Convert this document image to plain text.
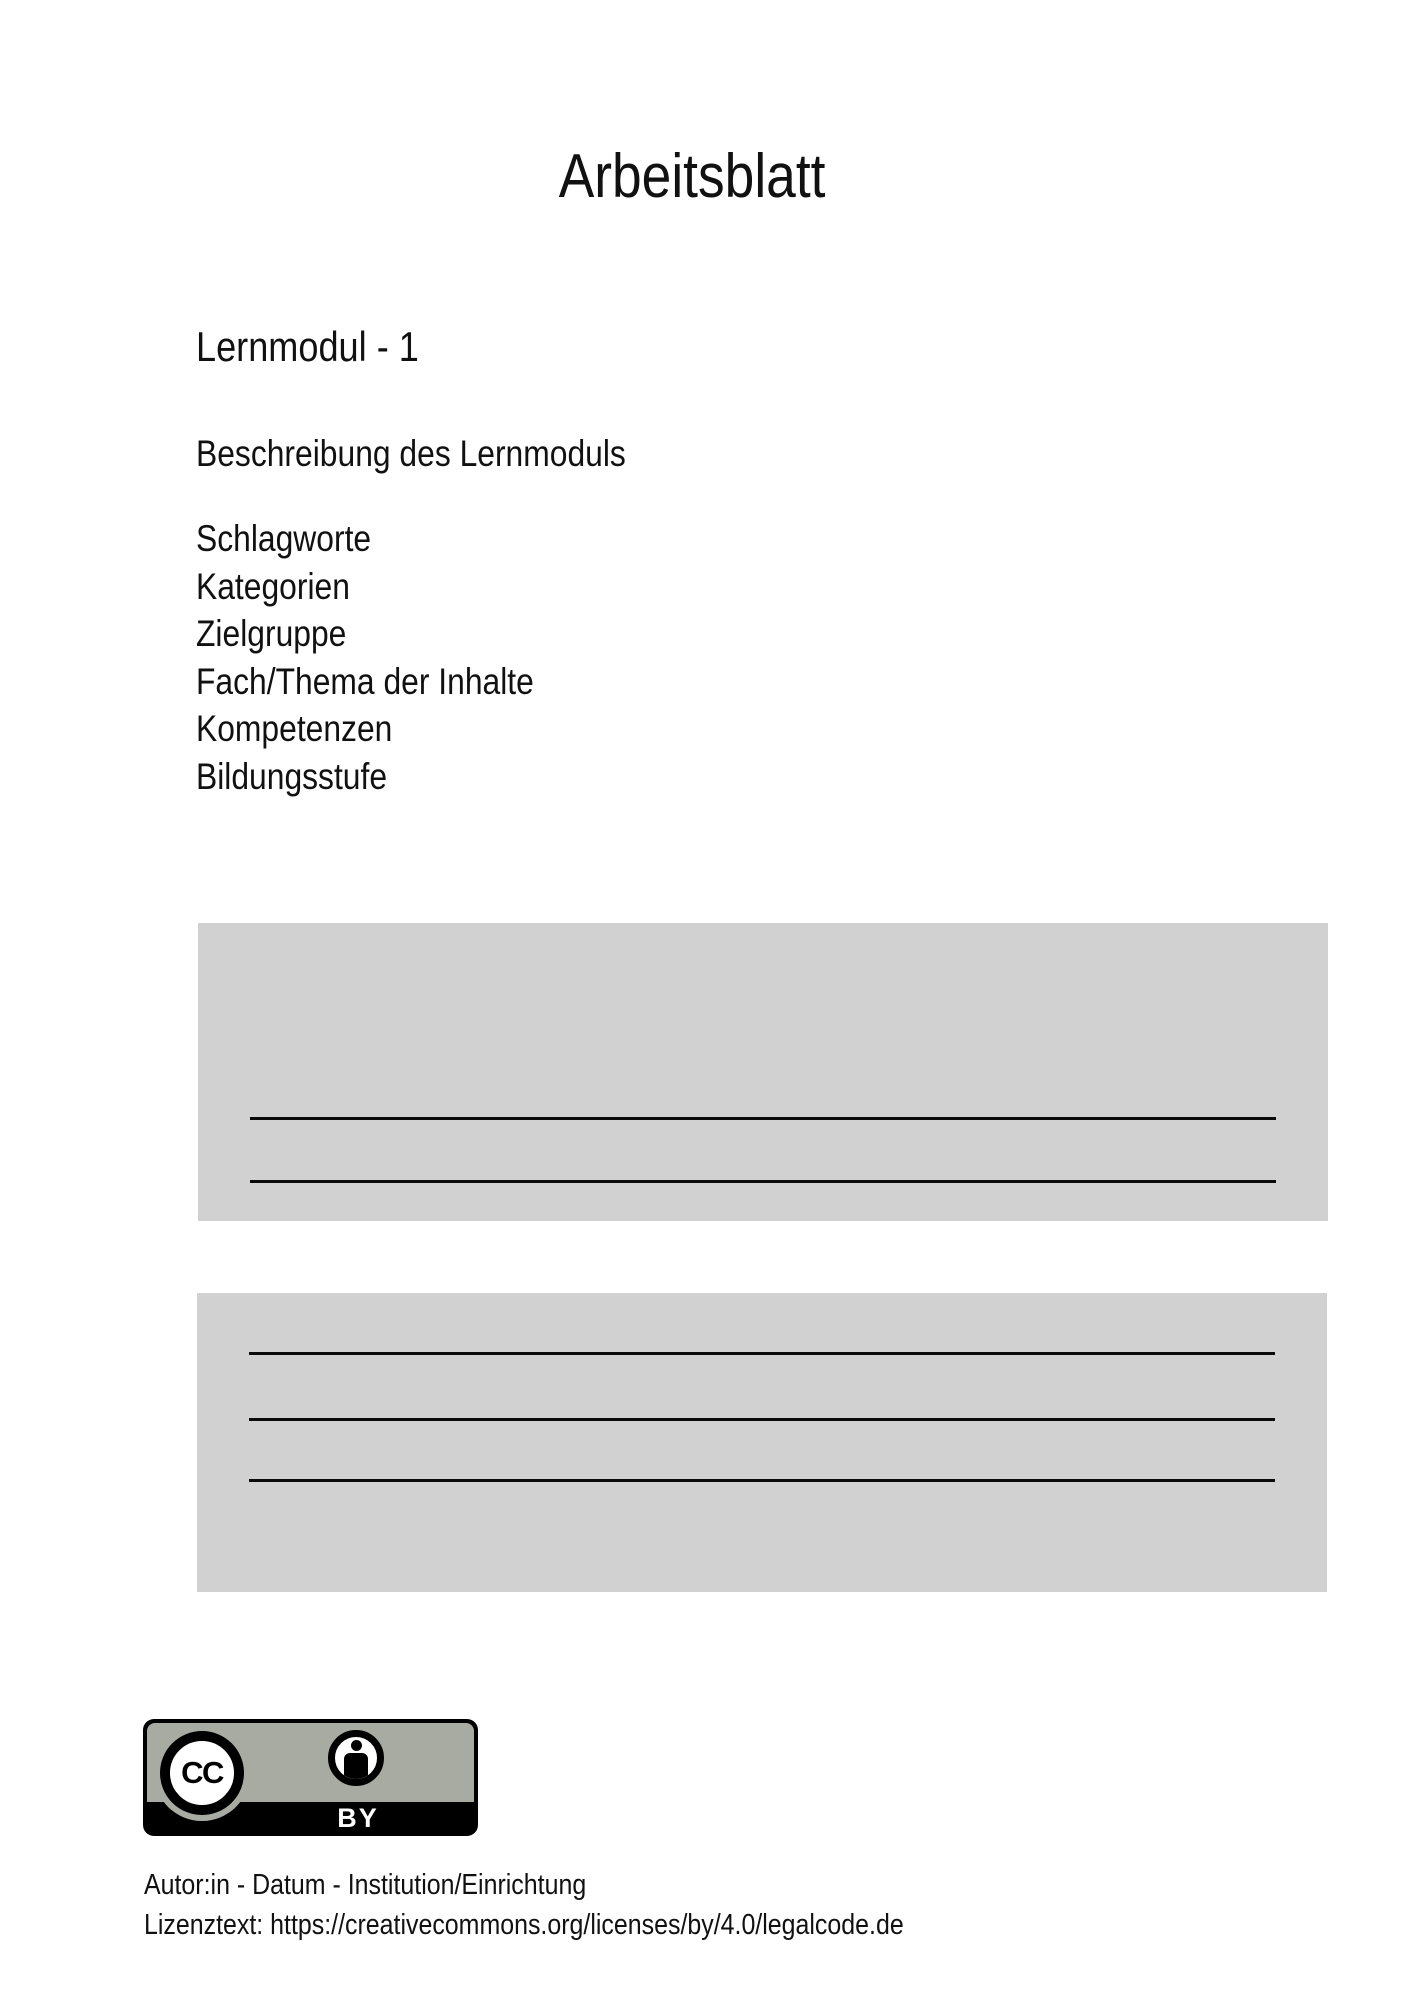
Arbeitsblatt
Lernmodul - 1
Beschreibung des Lernmoduls
Schlagworte
Kategorien
Zielgruppe
Fach/Thema der Inhalte
Kompetenzen
Bildungsstufe
CC
BY
Autor:in - Datum - Institution/Einrichtung
Lizenztext: https://creativecommons.org/licenses/by/4.0/legalcode.de
